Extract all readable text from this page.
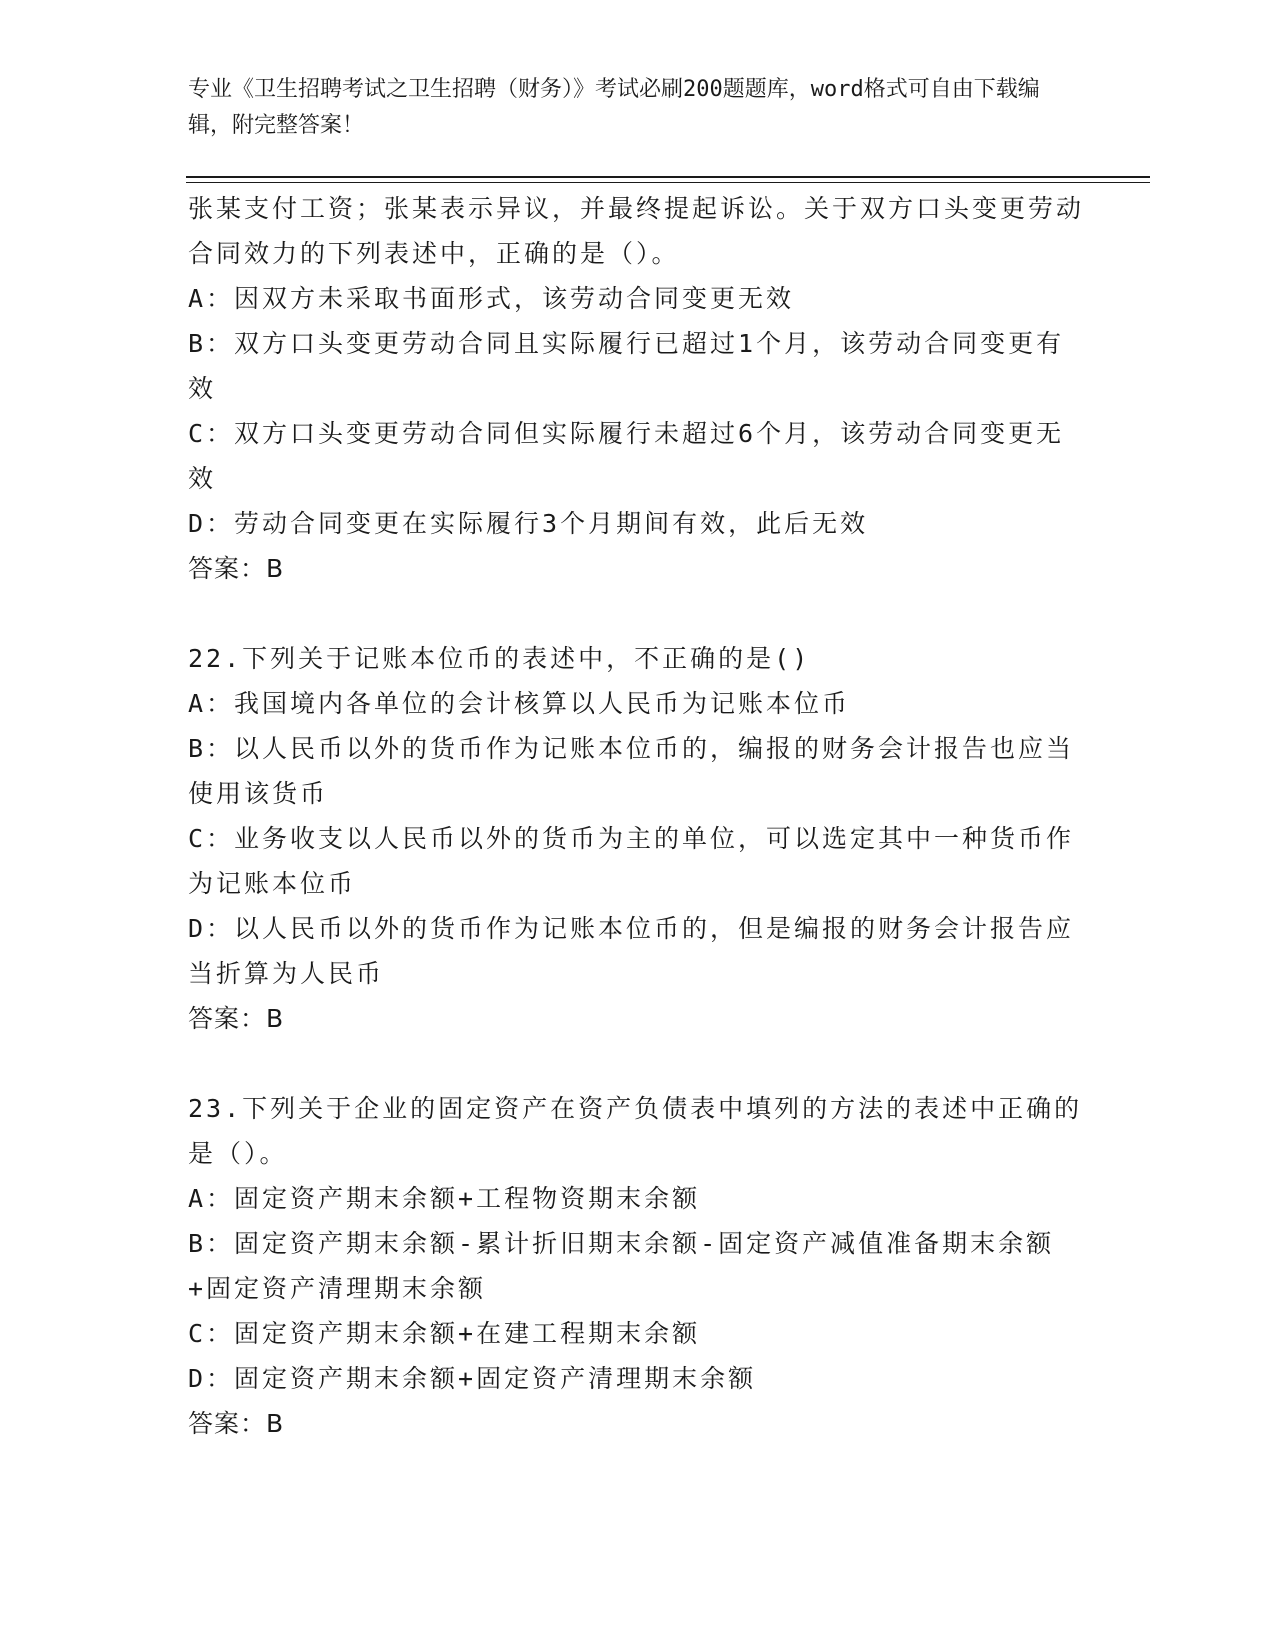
专业《卫生招聘考试之卫生招聘（财务）》考试必刷200题题库，word格式可自由下载编辑，附完整答案！

张某支付工资；张某表示异议，并最终提起诉讼。关于双方口头变更劳动合同效力的下列表述中，正确的是（）。

A：因双方未采取书面形式，该劳动合同变更无效

B：双方口头变更劳动合同且实际履行已超过1个月，该劳动合同变更有效

C：双方口头变更劳动合同但实际履行未超过6个月，该劳动合同变更无效

D：劳动合同变更在实际履行3个月期间有效，此后无效

答案：B

22.下列关于记账本位币的表述中，不正确的是()

A：我国境内各单位的会计核算以人民币为记账本位币

B：以人民币以外的货币作为记账本位币的，编报的财务会计报告也应当使用该货币

C：业务收支以人民币以外的货币为主的单位，可以选定其中一种货币作为记账本位币

D：以人民币以外的货币作为记账本位币的，但是编报的财务会计报告应当折算为人民币

答案：B

23.下列关于企业的固定资产在资产负债表中填列的方法的表述中正确的是（）。

A：固定资产期末余额+工程物资期末余额

B：固定资产期末余额-累计折旧期末余额-固定资产减值准备期末余额+固定资产清理期末余额

C：固定资产期末余额+在建工程期末余额

D：固定资产期末余额+固定资产清理期末余额

答案：B
